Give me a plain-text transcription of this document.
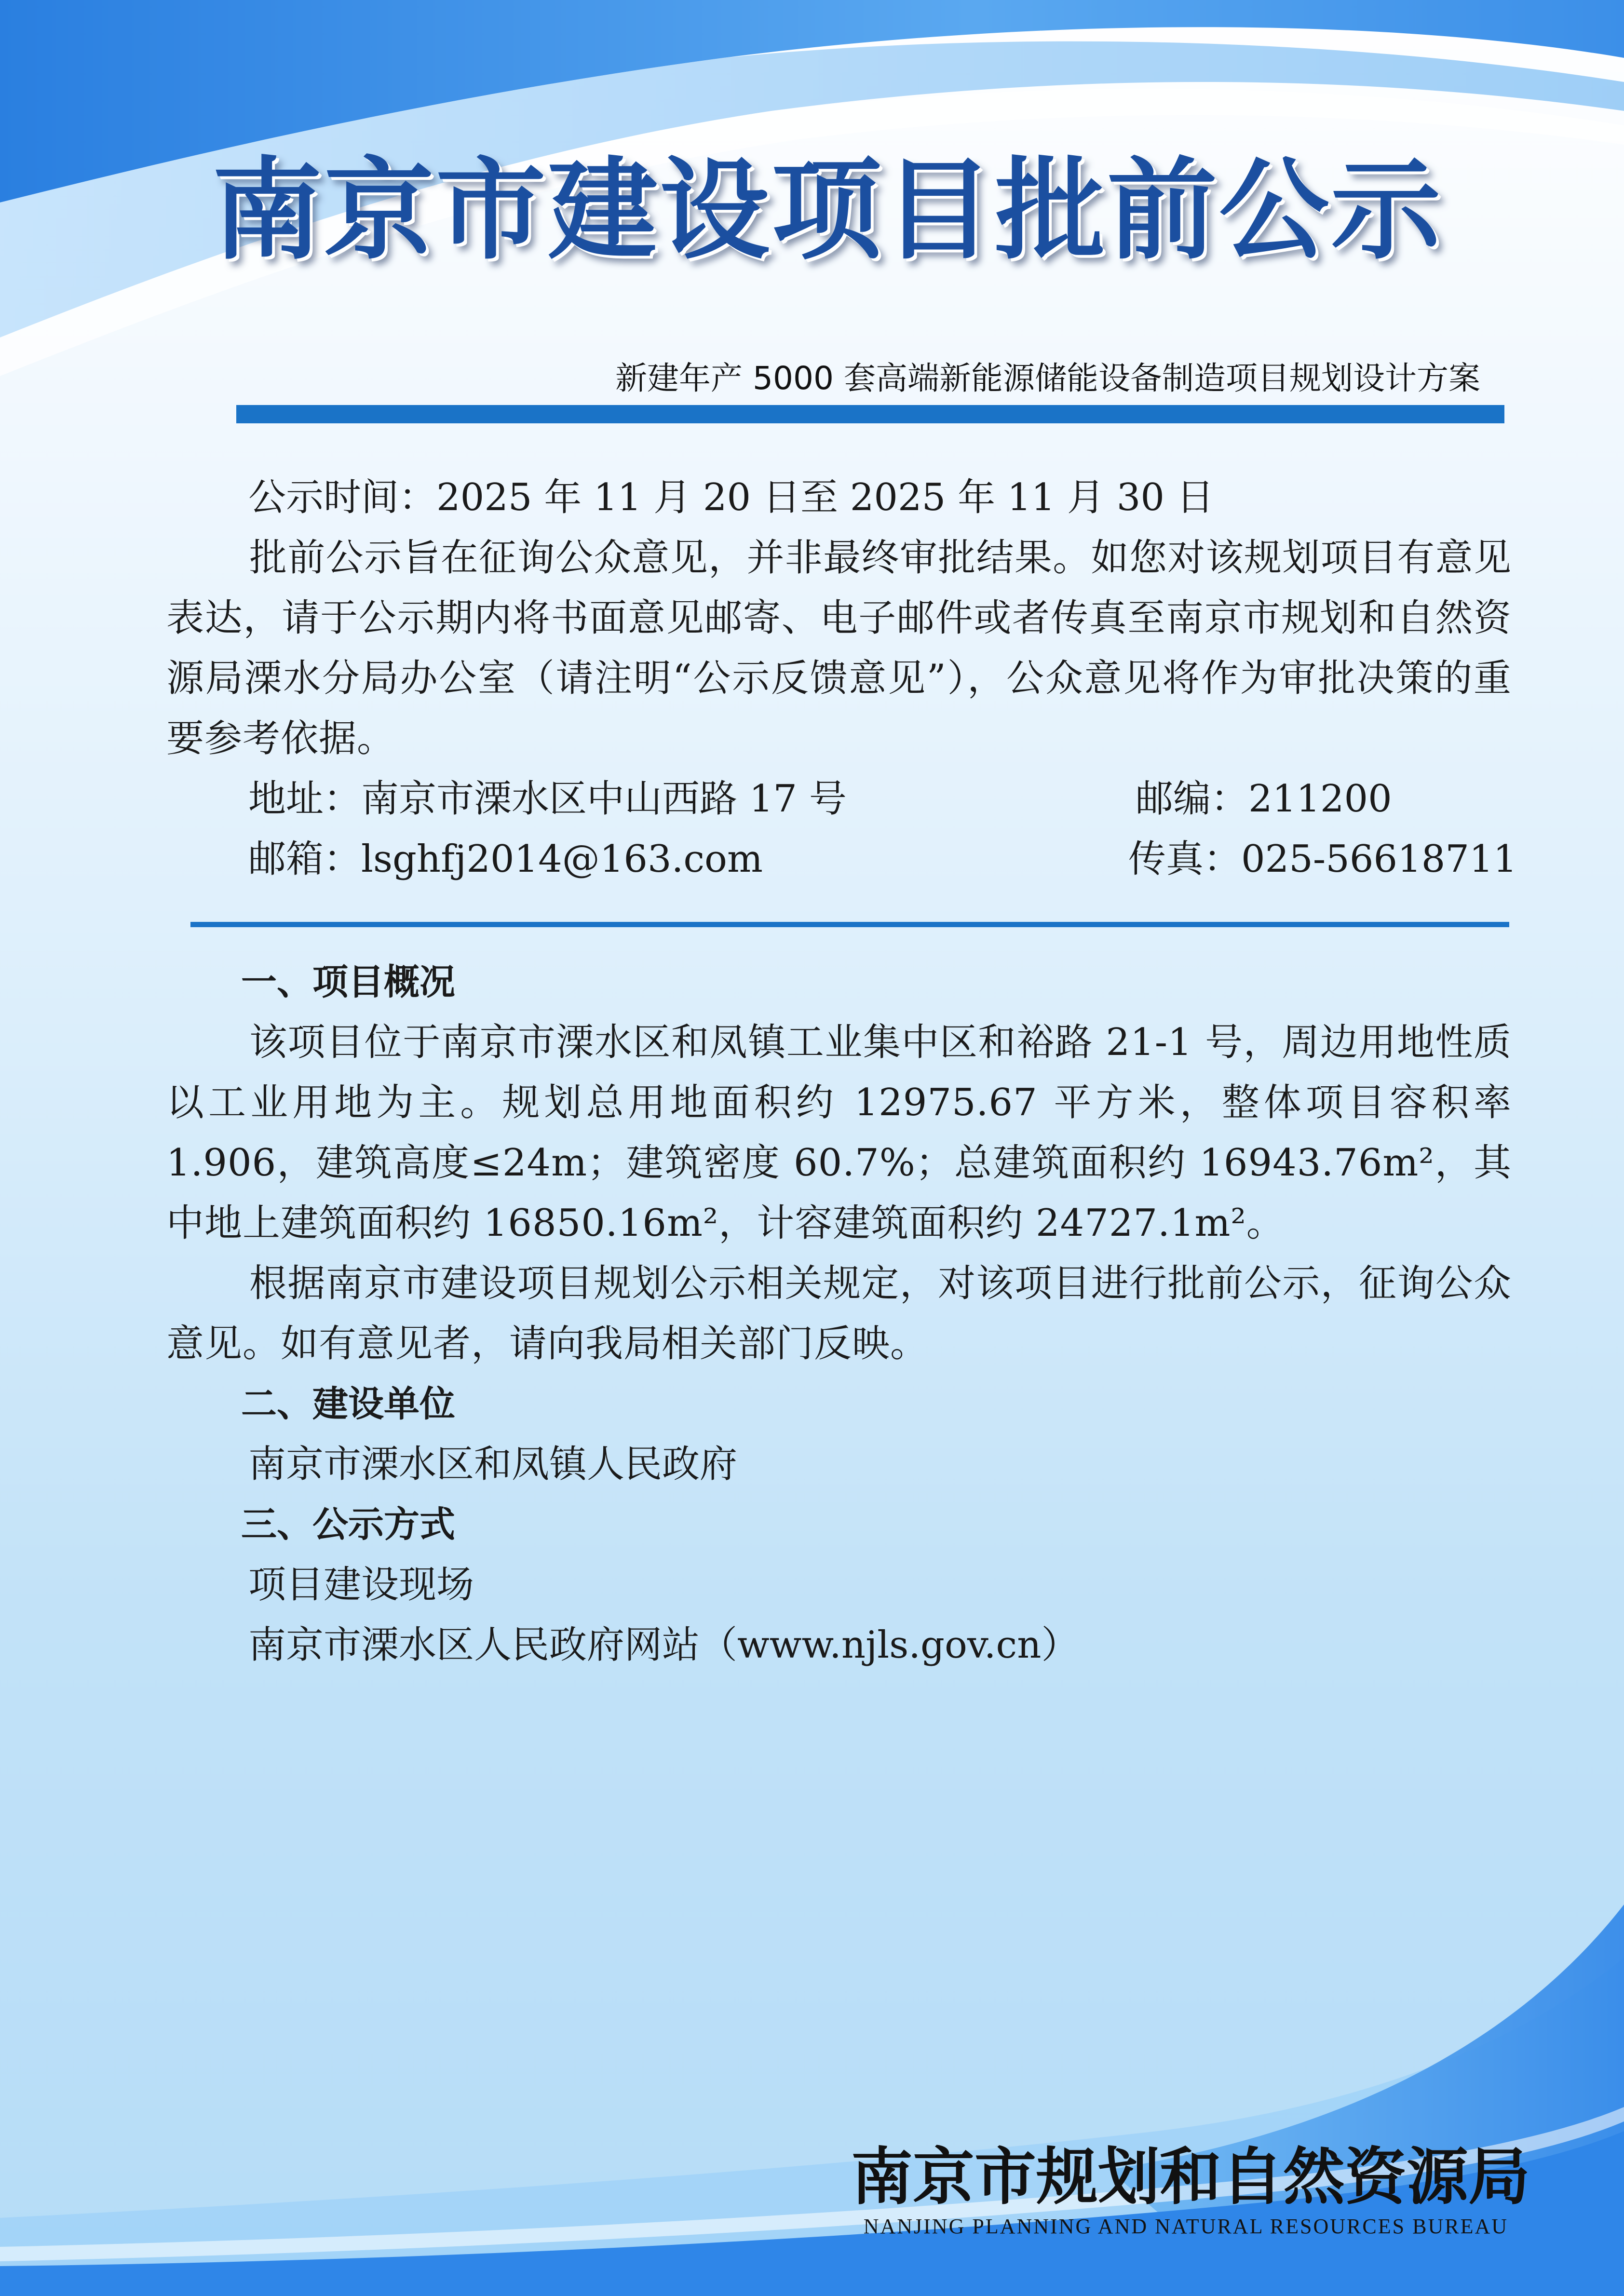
南京市建设项目批前公示
新建年产 5000 套高端新能源储能设备制造项目规划设计方案
公示时间：2025 年 11 月 20 日至 2025 年 11 月 30 日
批前公示旨在征询公众意见，并非最终审批结果。如您对该规划项目有意见表达，请于公示期内将书面意见邮寄、电子邮件或者传真至南京市规划和自然资源局溧水分局办公室（请注明“公示反馈意见”），公众意见将作为审批决策的重要参考依据。
地址：南京市溧水区中山西路 17 号	邮编：211200
邮箱：lsghfj2014@163.com	传真：025-56618711
一、项目概况
该项目位于南京市溧水区和凤镇工业集中区和裕路 21-1 号，周边用地性质以工业用地为主。规划总用地面积约 12975.67 平方米，整体项目容积率 1.906，建筑高度≤24m；建筑密度 60.7%；总建筑面积约 16943.76m²，其中地上建筑面积约 16850.16m²，计容建筑面积约 24727.1m²。
根据南京市建设项目规划公示相关规定，对该项目进行批前公示，征询公众意见。如有意见者，请向我局相关部门反映。
二、建设单位
南京市溧水区和凤镇人民政府
三、公示方式
项目建设现场
南京市溧水区人民政府网站（www.njls.gov.cn）
南京市规划和自然资源局
NANJING PLANNING AND NATURAL RESOURCES BUREAU
